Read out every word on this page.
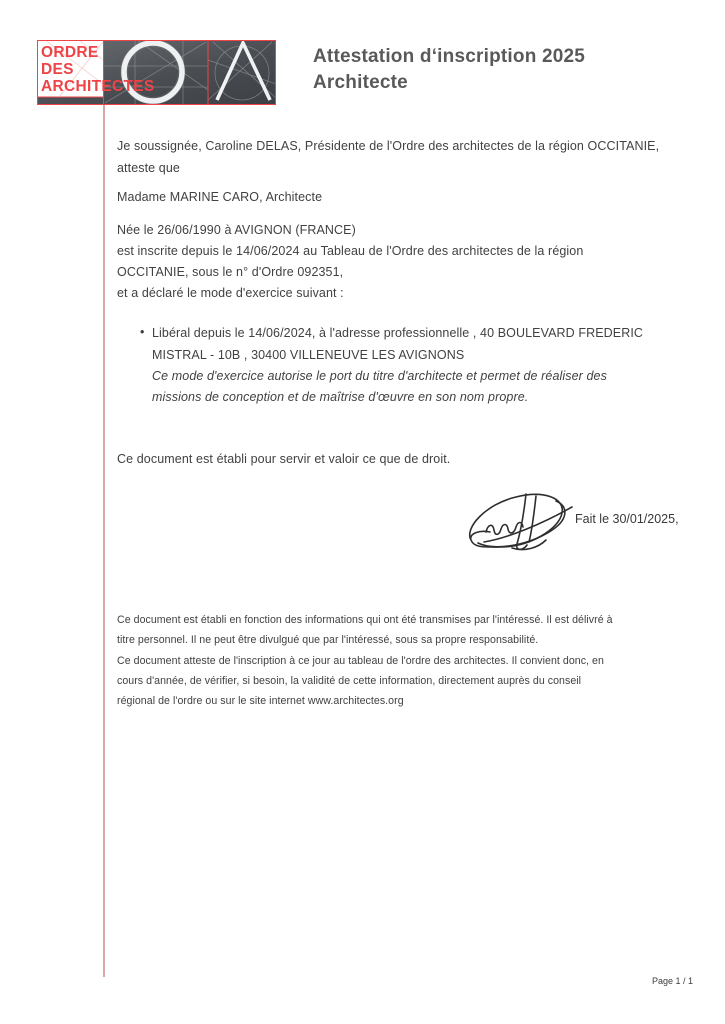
ORDRE
DES
ARCHITECTES
Attestation d‘inscription 2025
Architecte
Je soussignée, Caroline DELAS, Présidente de l'Ordre des architectes de la région OCCITANIE,
atteste que
Madame MARINE CARO, Architecte
Née le 26/06/1990 à AVIGNON (FRANCE)
est inscrite depuis le 14/06/2024 au Tableau de l'Ordre des architectes de la région
OCCITANIE, sous le n° d'Ordre 092351,
et a déclaré le mode d'exercice suivant :
• Libéral depuis le 14/06/2024, à l'adresse professionnelle , 40 BOULEVARD FREDERIC
MISTRAL - 10B , 30400 VILLENEUVE LES AVIGNONS
Ce mode d'exercice autorise le port du titre d'architecte et permet de réaliser des
missions de conception et de maîtrise d'œuvre en son nom propre.
Ce document est établi pour servir et valoir ce que de droit.
Fait le 30/01/2025,
Ce document est établi en fonction des informations qui ont été transmises par l'intéressé. Il est délivré à
titre personnel. Il ne peut être divulgué que par l'intéressé, sous sa propre responsabilité.
Ce document atteste de l'inscription à ce jour au tableau de l'ordre des architectes. Il convient donc, en
cours d'année, de vérifier, si besoin, la validité de cette information, directement auprès du conseil
régional de l'ordre ou sur le site internet www.architectes.org
Page 1 / 1
